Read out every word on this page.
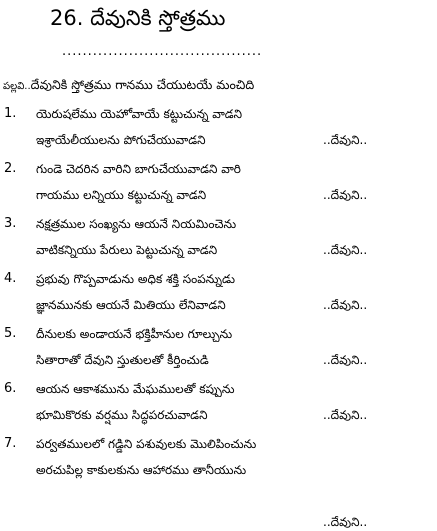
26. దేవునికి స్తోత్రము
.......................................
పల్లవి..దేవునికి స్తోత్రము గానము చేయుటయే మంచిది
1. యెరుషలేము యెహోవాయే కట్టుచున్న వాడని
ఇశ్రాయేలీయులను పోగుచేయువాడని	..దేవుని..
2. గుండె చెదరిన వారిని బాగుచేయువాడని వారి
గాయము లన్నియు కట్టుచున్న వాడని	..దేవుని..
3. నక్షత్రముల సంఖ్యను ఆయనే నియమించెను
వాటికన్నియు పేరులు పెట్టుచున్న వాడని	..దేవుని..
4. ప్రభువు గొప్పవాడును అధిక శక్తి సంపన్నుడు
జ్ఞానమునకు ఆయనే మితియు లేనివాడని	..దేవుని..
5. దీనులకు అండాయనే భక్తిహీనుల గూల్చును
సితారాతో దేవుని స్తుతులతో కీర్తించుడి	..దేవుని..
6. ఆయన ఆకాశమును మేఘములతో కప్పును
భూమికొరకు వర్షము సిద్ధపరచువాడని	..దేవుని..
7. పర్వతములలో గడ్డిని పశువులకు మొలిపించును
అరచుపిల్ల కాకులకును ఆహారము తానీయును
..దేవుని..
